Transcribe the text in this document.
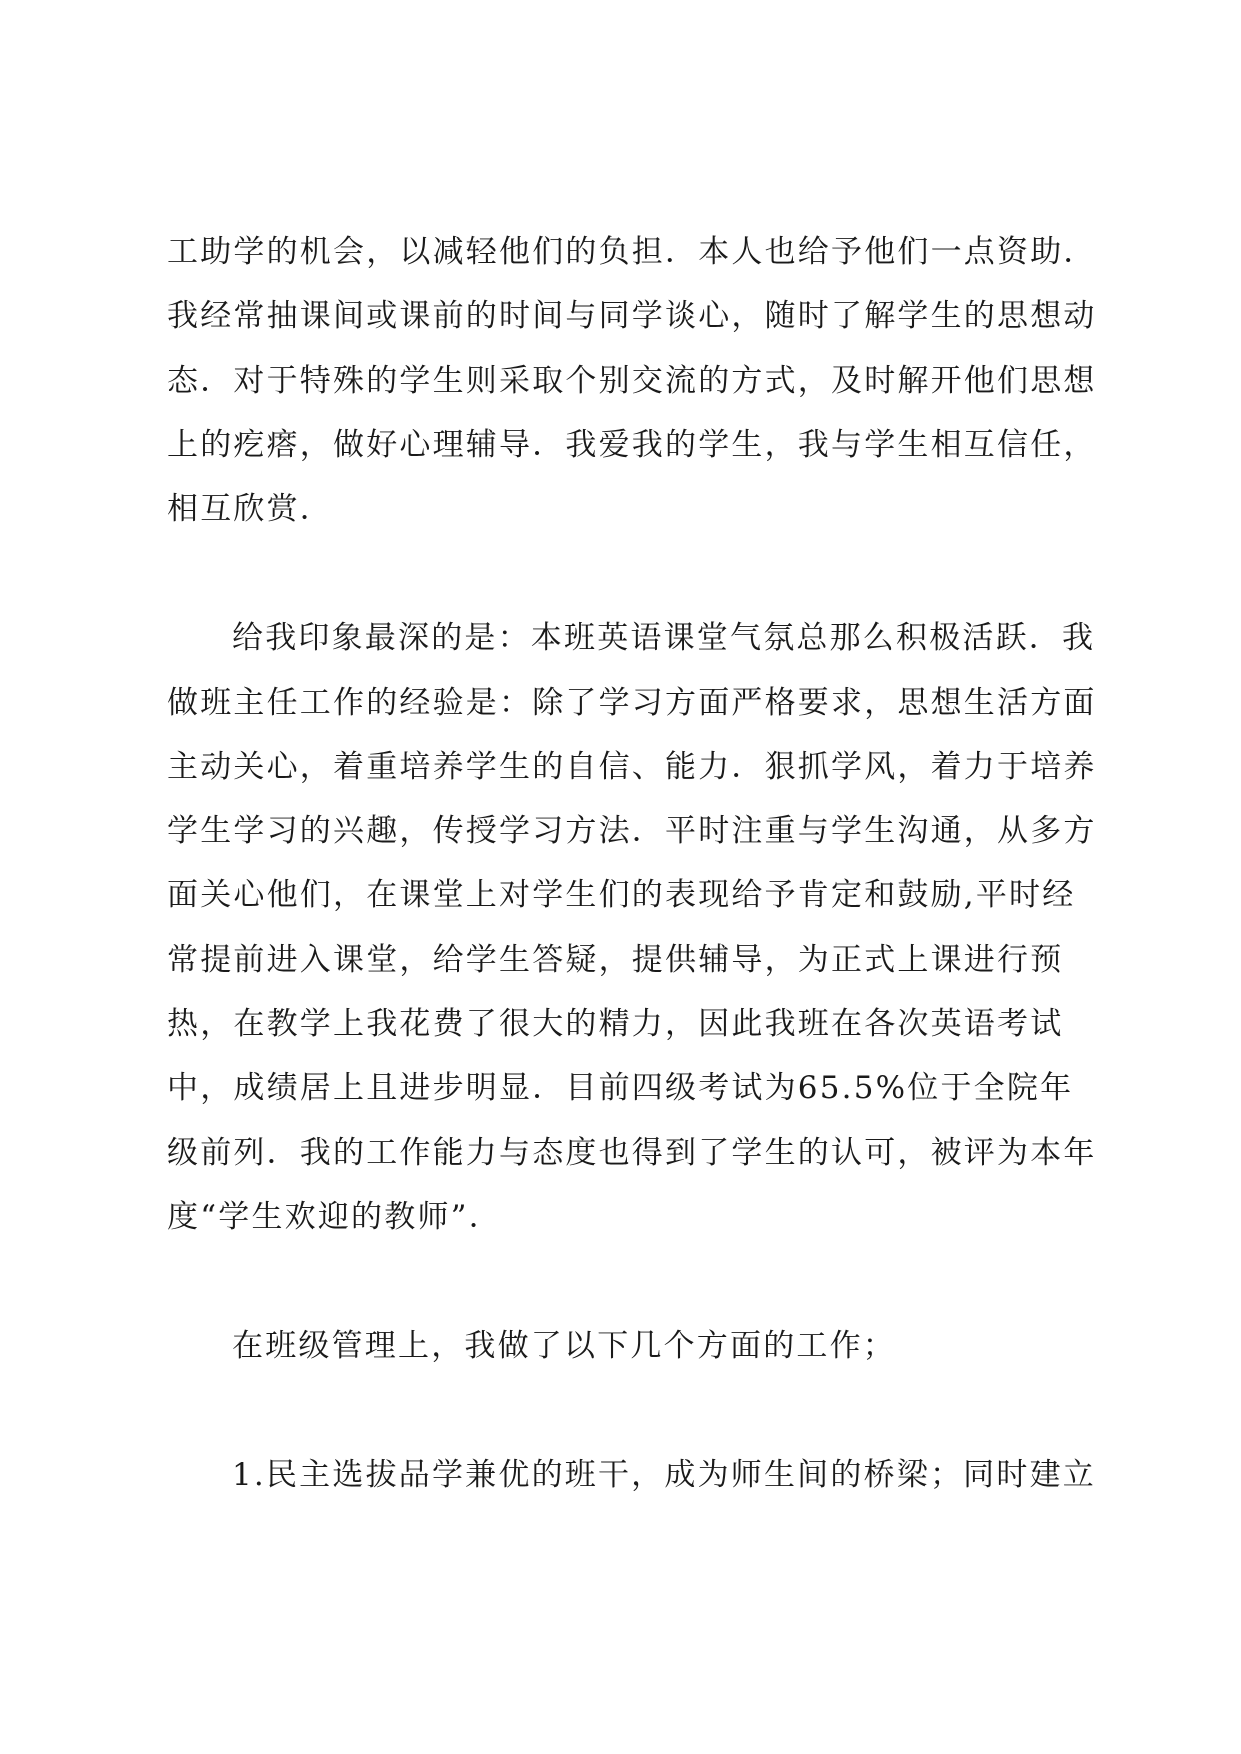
工助学的机会，以减轻他们的负担．本人也给予他们一点资助．
我经常抽课间或课前的时间与同学谈心，随时了解学生的思想动
态．对于特殊的学生则采取个别交流的方式，及时解开他们思想
上的疙瘩，做好心理辅导．我爱我的学生，我与学生相互信任，
相互欣赏．
给我印象最深的是：本班英语课堂气氛总那么积极活跃．我
做班主任工作的经验是：除了学习方面严格要求，思想生活方面
主动关心，着重培养学生的自信、能力．狠抓学风，着力于培养
学生学习的兴趣，传授学习方法．平时注重与学生沟通，从多方
面关心他们，在课堂上对学生们的表现给予肯定和鼓励,平时经
常提前进入课堂，给学生答疑，提供辅导，为正式上课进行预
热，在教学上我花费了很大的精力，因此我班在各次英语考试
中，成绩居上且进步明显．目前四级考试为65.5%位于全院年
级前列．我的工作能力与态度也得到了学生的认可，被评为本年
度“学生欢迎的教师”．
在班级管理上，我做了以下几个方面的工作；
1.民主选拔品学兼优的班干，成为师生间的桥梁；同时建立
